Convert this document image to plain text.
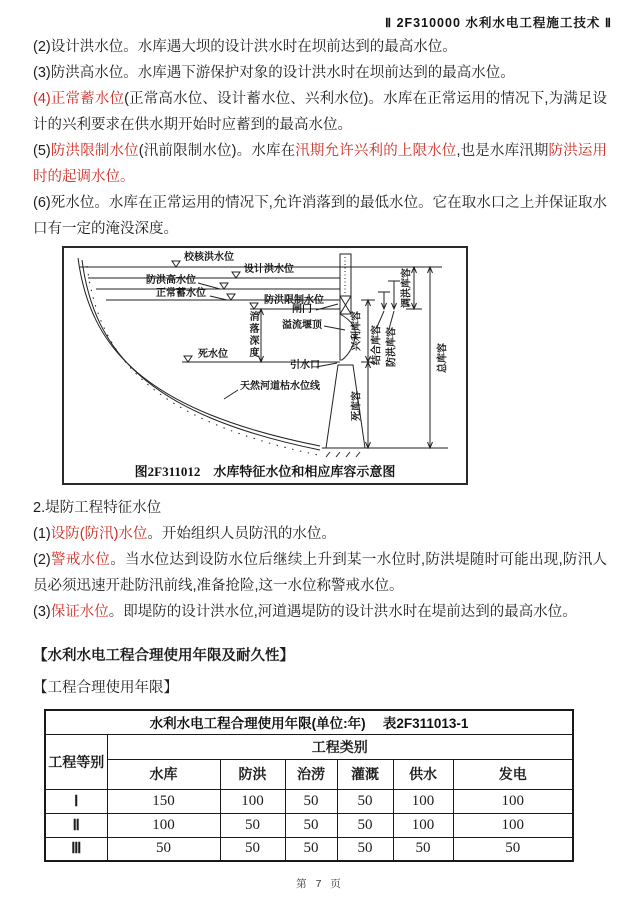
Ⅱ 2F310000 水利水电工程施工技术 Ⅱ

(2)设计洪水位。水库遇大坝的设计洪水时在坝前达到的最高水位。

(3)防洪高水位。水库遇下游保护对象的设计洪水时在坝前达到的最高水位。

(4)正常蓄水位(正常高水位、设计蓄水位、兴利水位)。水库在正常运用的情况下,为满足设计的兴利要求在供水期开始时应蓄到的最高水位。

(5)防洪限制水位(汛前限制水位)。水库在汛期允许兴利的上限水位,也是水库汛期防洪运用时的起调水位。

(6)死水位。水库在正常运用的情况下,允许消落到的最低水位。它在取水口之上并保证取水口有一定的淹没深度。

校核洪水位
设计洪水位
防洪高水位
正常蓄水位
防洪限制水位
闸门
溢流堰顶
消落深度
死水位
引水口
天然河道枯水位线
兴利库容 结合库容 防洪库容
调洪库容
死库容
总库容
图2F311012　水库特征水位和相应库容示意图

2.堤防工程特征水位

(1)设防(防汛)水位。开始组织人员防汛的水位。

(2)警戒水位。当水位达到设防水位后继续上升到某一水位时,防洪堤随时可能出现,防汛人员必须迅速开赴防汛前线,准备抢险,这一水位称警戒水位。

(3)保证水位。即堤防的设计洪水位,河道遇堤防的设计洪水时在堤前达到的最高水位。

【水利水电工程合理使用年限及耐久性】

【工程合理使用年限】

水利水电工程合理使用年限(单位:年)　 表2F311013-1						
工程等别	工程类别					
	水库	防洪	治涝	灌溉	供水	发电
Ⅰ	150	100	50	50	100	100
Ⅱ	100	50	50	50	100	100
Ⅲ	50	50	50	50	50	50
第 7 页
